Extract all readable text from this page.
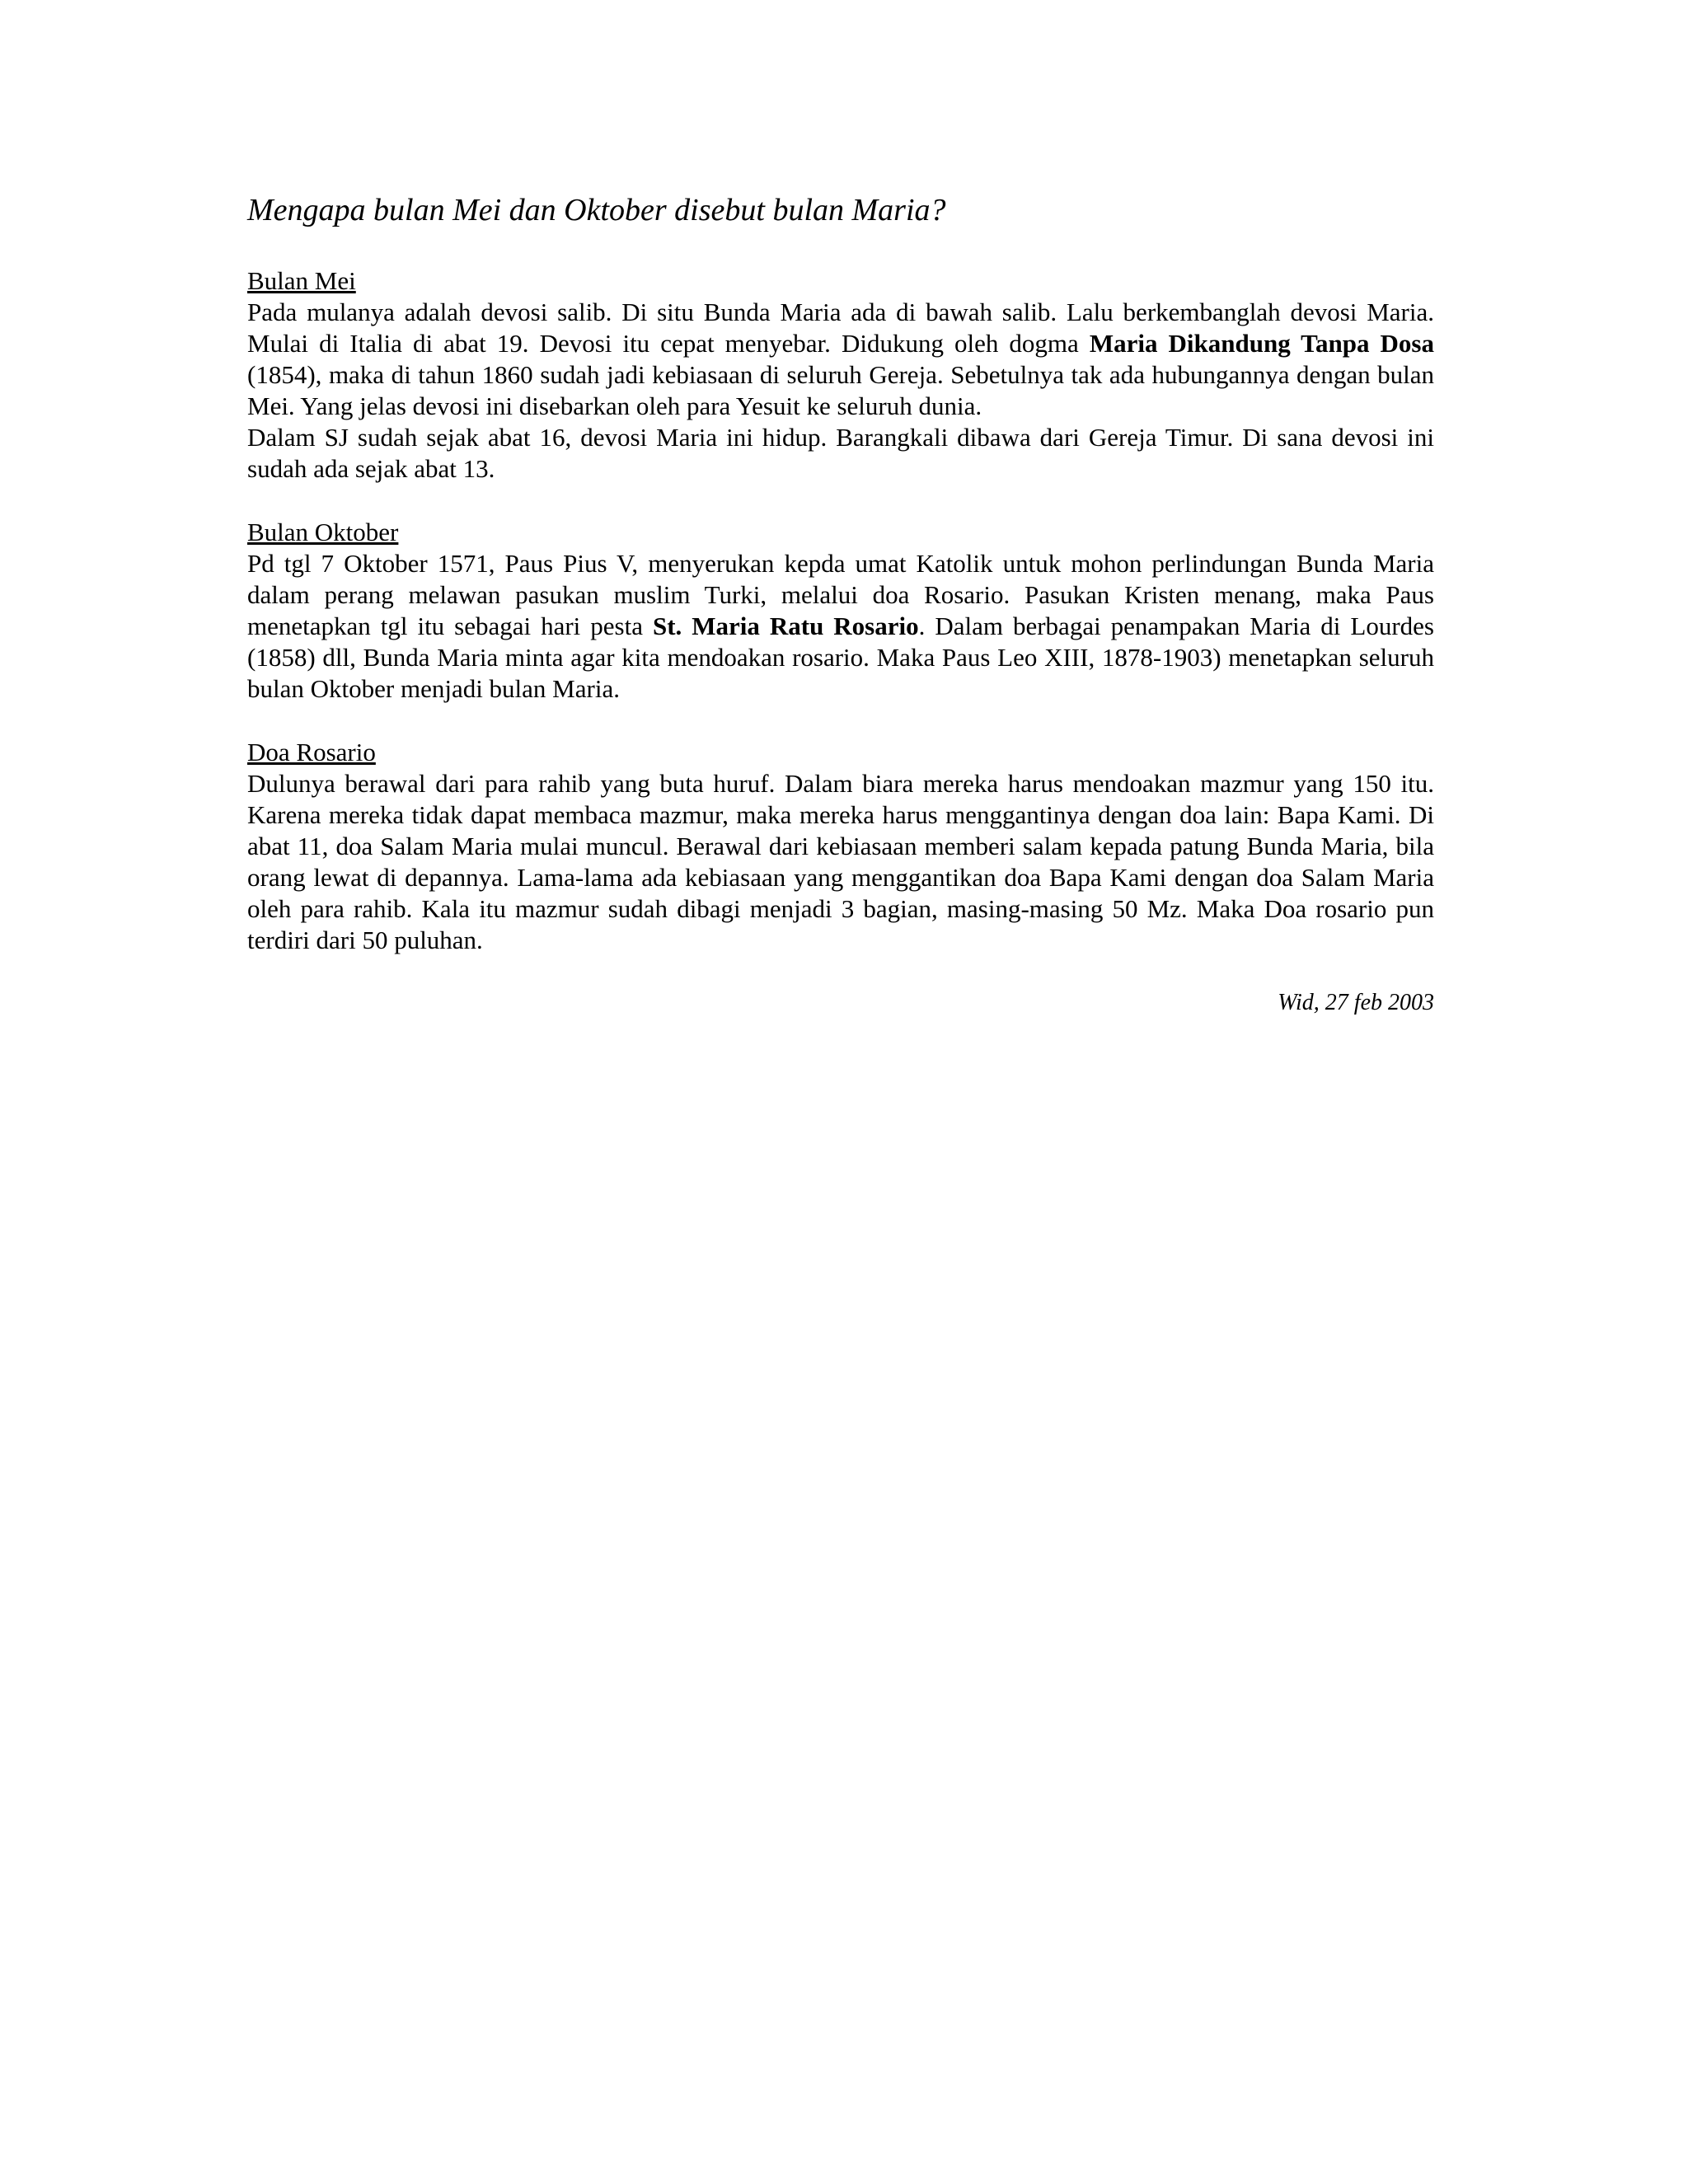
Mengapa bulan Mei dan Oktober disebut bulan Maria?
Bulan Mei

Pada mulanya adalah devosi salib. Di situ Bunda Maria ada di bawah salib. Lalu berkembanglah devosi Maria. Mulai di Italia di abat 19. Devosi itu cepat menyebar. Didukung oleh dogma Maria Dikandung Tanpa Dosa (1854), maka di tahun 1860 sudah jadi kebiasaan di seluruh Gereja. Sebetulnya tak ada hubungannya dengan bulan Mei. Yang jelas devosi ini disebarkan oleh para Yesuit ke seluruh dunia.

Dalam SJ sudah sejak abat 16, devosi Maria ini hidup. Barangkali dibawa dari Gereja Timur. Di sana devosi ini sudah ada sejak abat 13.

Bulan Oktober

Pd tgl 7 Oktober 1571, Paus Pius V, menyerukan kepda umat Katolik untuk mohon perlindungan Bunda Maria dalam perang melawan pasukan muslim Turki, melalui doa Rosario. Pasukan Kristen menang, maka Paus menetapkan tgl itu sebagai hari pesta St. Maria Ratu Rosario. Dalam berbagai penampakan Maria di Lourdes (1858) dll, Bunda Maria minta agar kita mendoakan rosario. Maka Paus Leo XIII, 1878-1903) menetapkan seluruh bulan Oktober menjadi bulan Maria.

Doa Rosario

Dulunya berawal dari para rahib yang buta huruf. Dalam biara mereka harus mendoakan mazmur yang 150 itu. Karena mereka tidak dapat membaca mazmur, maka mereka harus menggantinya dengan doa lain: Bapa Kami. Di abat 11, doa Salam Maria mulai muncul. Berawal dari kebiasaan memberi salam kepada patung Bunda Maria, bila orang lewat di depannya. Lama-lama ada kebiasaan yang menggantikan doa Bapa Kami dengan doa Salam Maria oleh para rahib. Kala itu mazmur sudah dibagi menjadi 3 bagian, masing-masing 50 Mz. Maka Doa rosario pun terdiri dari 50 puluhan.

Wid, 27 feb 2003
